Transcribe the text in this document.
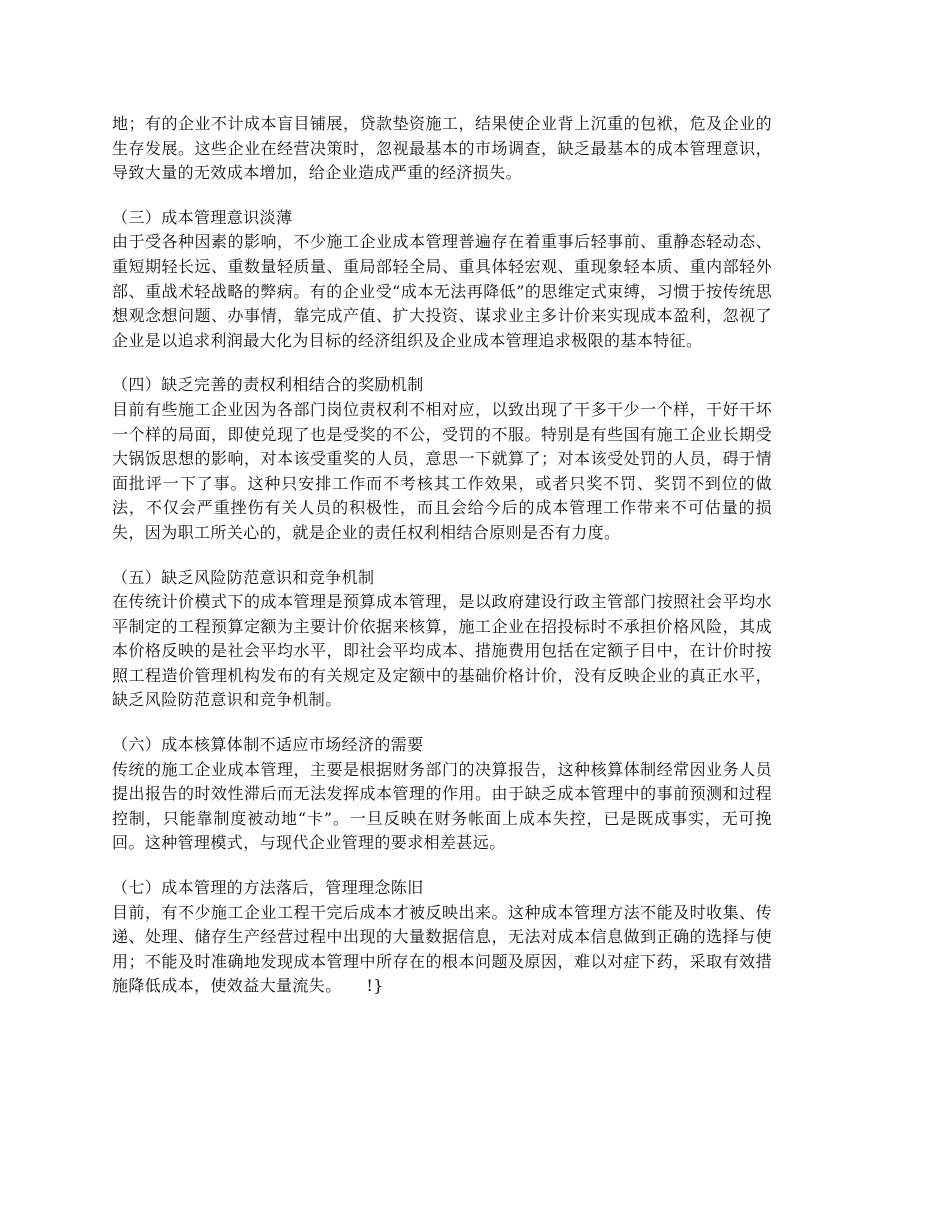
地；有的企业不计成本盲目铺展，贷款垫资施工，结果使企业背上沉重的包袱，危及企业的生存发展。这些企业在经营决策时，忽视最基本的市场调查，缺乏最基本的成本管理意识，导致大量的无效成本增加，给企业造成严重的经济损失。

（三）成本管理意识淡薄

由于受各种因素的影响，不少施工企业成本管理普遍存在着重事后轻事前、重静态轻动态、重短期轻长远、重数量轻质量、重局部轻全局、重具体轻宏观、重现象轻本质、重内部轻外部、重战术轻战略的弊病。有的企业受“成本无法再降低”的思维定式束缚，习惯于按传统思想观念想问题、办事情，靠完成产值、扩大投资、谋求业主多计价来实现成本盈利，忽视了企业是以追求利润最大化为目标的经济组织及企业成本管理追求极限的基本特征。

（四）缺乏完善的责权利相结合的奖励机制

目前有些施工企业因为各部门岗位责权利不相对应，以致出现了干多干少一个样，干好干坏一个样的局面，即使兑现了也是受奖的不公，受罚的不服。特别是有些国有施工企业长期受大锅饭思想的影响，对本该受重奖的人员，意思一下就算了；对本该受处罚的人员，碍于情面批评一下了事。这种只安排工作而不考核其工作效果，或者只奖不罚、奖罚不到位的做法，不仅会严重挫伤有关人员的积极性，而且会给今后的成本管理工作带来不可估量的损失，因为职工所关心的，就是企业的责任权利相结合原则是否有力度。

（五）缺乏风险防范意识和竞争机制

在传统计价模式下的成本管理是预算成本管理，是以政府建设行政主管部门按照社会平均水平制定的工程预算定额为主要计价依据来核算，施工企业在招投标时不承担价格风险，其成本价格反映的是社会平均水平，即社会平均成本、措施费用包括在定额子目中，在计价时按照工程造价管理机构发布的有关规定及定额中的基础价格计价，没有反映企业的真正水平，缺乏风险防范意识和竞争机制。

（六）成本核算体制不适应市场经济的需要

传统的施工企业成本管理，主要是根据财务部门的决算报告，这种核算体制经常因业务人员提出报告的时效性滞后而无法发挥成本管理的作用。由于缺乏成本管理中的事前预测和过程控制，只能靠制度被动地“卡”。一旦反映在财务帐面上成本失控，已是既成事实，无可挽回。这种管理模式，与现代企业管理的要求相差甚远。

（七）成本管理的方法落后，管理理念陈旧

目前，有不少施工企业工程干完后成本才被反映出来。这种成本管理方法不能及时收集、传递、处理、储存生产经营过程中出现的大量数据信息，无法对成本信息做到正确的选择与使用；不能及时准确地发现成本管理中所存在的根本问题及原因，难以对症下药，采取有效措施降低成本，使效益大量流失。　　!}
